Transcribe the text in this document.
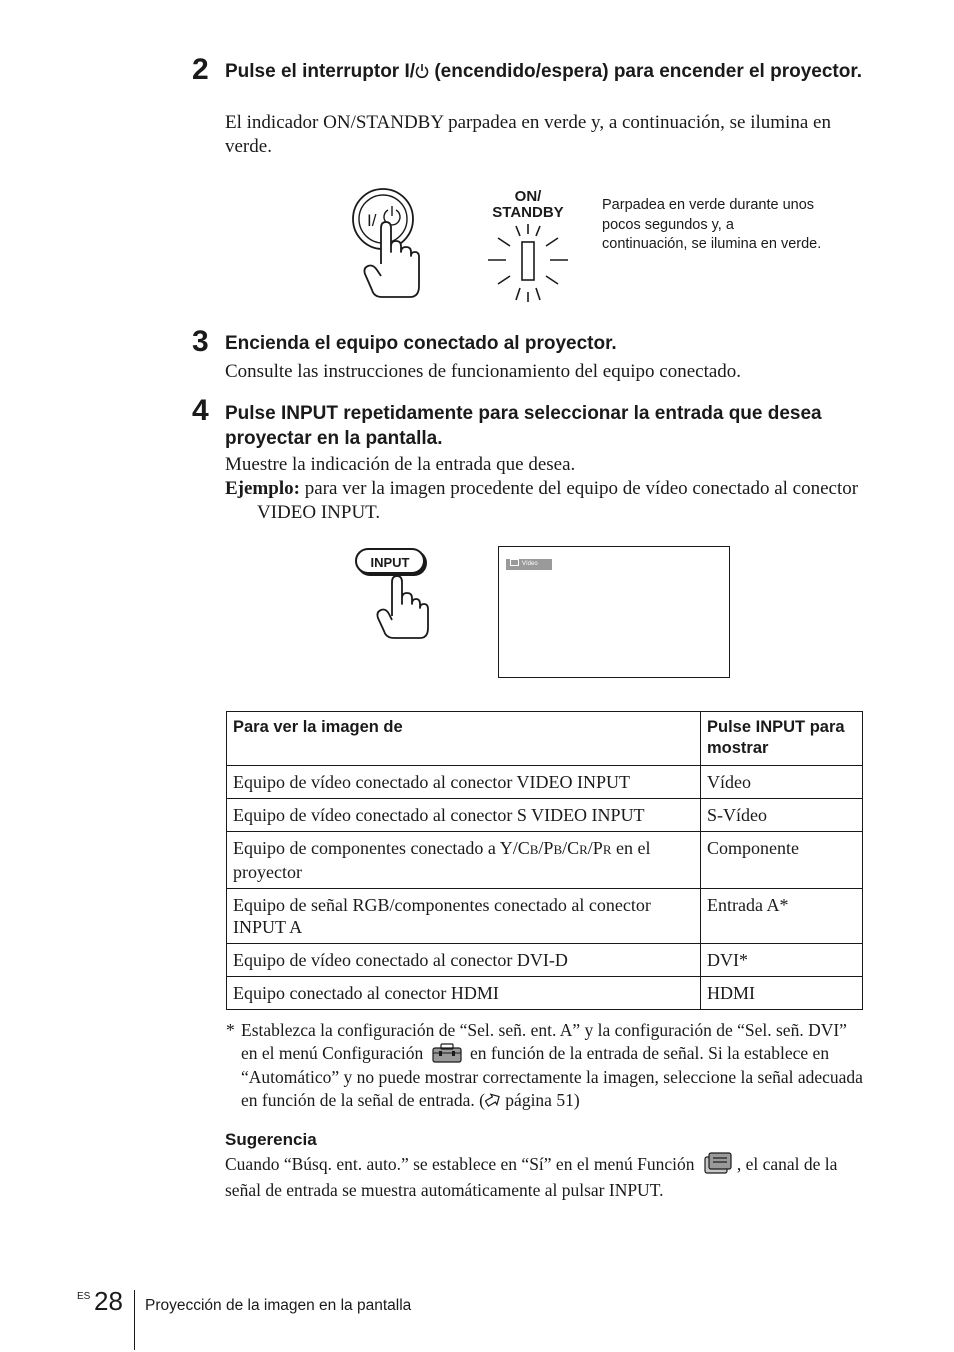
2 Pulse el interruptor I/ (encendido/espera) para encender el proyector.
El indicador ON/STANDBY parpadea en verde y, a continuación, se ilumina en verde.
I/
ON/
STANDBY	Parpadea en verde durante unos pocos segundos y, a continuación, se ilumina en verde.
3 Encienda el equipo conectado al proyector.
Consulte las instrucciones de funcionamiento del equipo conectado.
4 Pulse INPUT repetidamente para seleccionar la entrada que desea proyectar en la pantalla.
Muestre la indicación de la entrada que desea.
Ejemplo: para ver la imagen procedente del equipo de vídeo conectado al conector VIDEO INPUT.
INPUT	Vídeo
Para ver la imagen de	Pulse INPUT para mostrar
Equipo de vídeo conectado al conector VIDEO INPUT	Vídeo
Equipo de vídeo conectado al conector S VIDEO INPUT	S-Vídeo
Equipo de componentes conectado a Y/CB/PB/CR/PR en el proyector	Componente
Equipo de señal RGB/componentes conectado al conector INPUT A	Entrada A*
Equipo de vídeo conectado al conector DVI-D	DVI*
Equipo conectado al conector HDMI	HDMI
* Establezca la configuración de “Sel. señ. ent. A” y la configuración de “Sel. señ. DVI” en el menú Configuración  en función de la entrada de señal. Si la establece en “Automático” y no puede mostrar correctamente la imagen, seleccione la señal adecuada en función de la señal de entrada. ( página 51)
Sugerencia
Cuando “Búsq. ent. auto.” se establece en “Sí” en el menú Función , el canal de la señal de entrada se muestra automáticamente al pulsar INPUT.
ES 28 Proyección de la imagen en la pantalla
